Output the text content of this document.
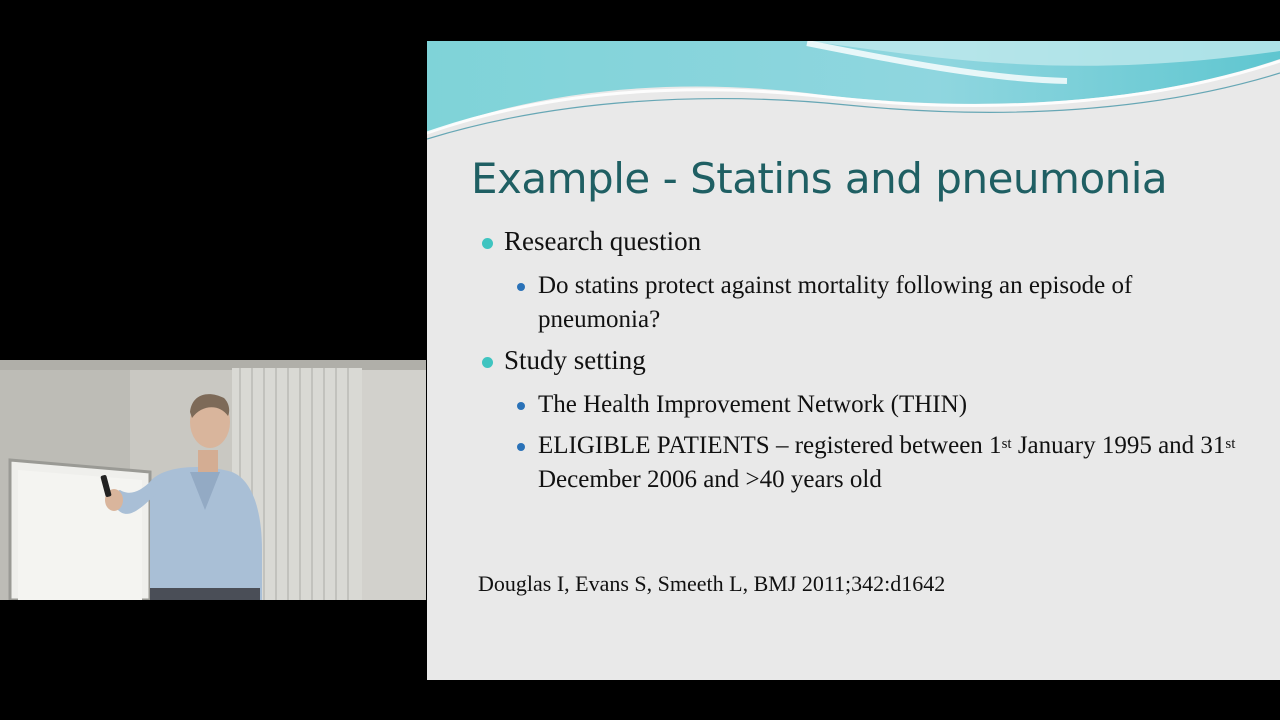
Example - Statins and pneumonia
Research question
Do statins protect against mortality following an episode of pneumonia?
Study setting
The Health Improvement Network (THIN)
ELIGIBLE PATIENTS – registered between 1st January 1995 and 31st December 2006 and >40 years old
Douglas I, Evans S, Smeeth L, BMJ 2011;342:d1642
